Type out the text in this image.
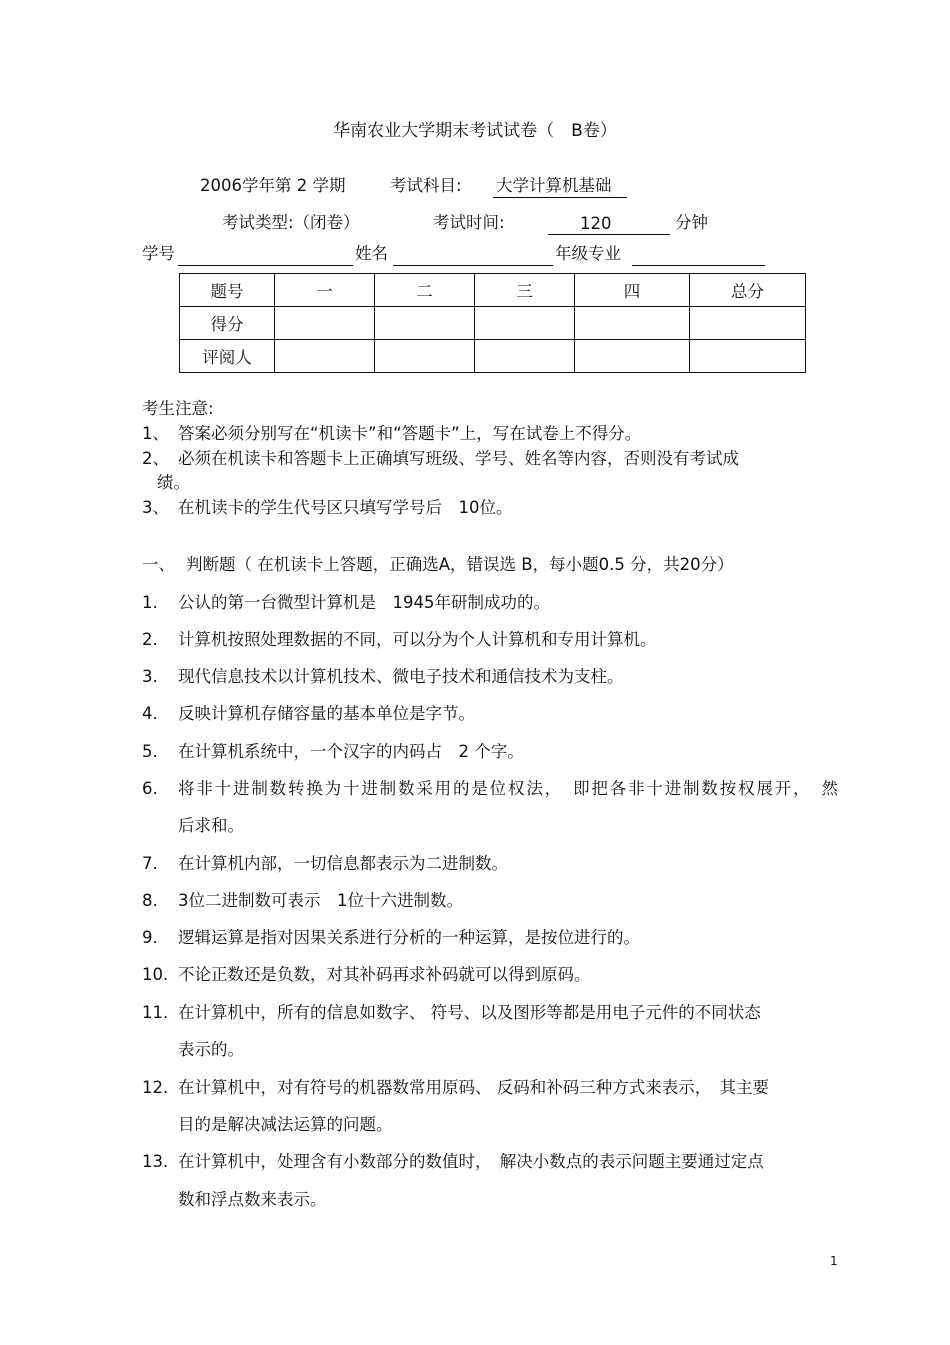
华南农业大学期末考试试卷（　B卷）
2006学年第 2 学期	考试科目: 大学计算机基础
考试类型:（闭卷）	考试时间:	120	分钟
学号	姓名	年级专业
题号	一	二	三	四	总分
得分					
评阅人					
考生注意:
1、 答案必须分别写在“机读卡”和“答题卡”上，写在试卷上不得分。
2、 必须在机读卡和答题卡上正确填写班级、学号、姓名等内容，否则没有考试成
绩。
3、 在机读卡的学生代号区只填写学号后　10位。
一、 判断题（ 在机读卡上答题，正确选A，错误选 B，每小题0.5 分，共20分）
1. 公认的第一台微型计算机是　1945年研制成功的。
2. 计算机按照处理数据的不同，可以分为个人计算机和专用计算机。
3. 现代信息技术以计算机技术、微电子技术和通信技术为支柱。
4. 反映计算机存储容量的基本单位是字节。
5. 在计算机系统中，一个汉字的内码占　2 个字。
6. 将非十进制数转换为十进制数采用的是位权法，　即把各非十进制数按权展开，　然
后求和。
7. 在计算机内部，一切信息都表示为二进制数。
8. 3位二进制数可表示　1位十六进制数。
9. 逻辑运算是指对因果关系进行分析的一种运算，是按位进行的。
10. 不论正数还是负数，对其补码再求补码就可以得到原码。
11. 在计算机中，所有的信息如数字、 符号、以及图形等都是用电子元件的不同状态
表示的。
12. 在计算机中，对有符号的机器数常用原码、 反码和补码三种方式来表示，　其主要
目的是解决减法运算的问题。
13. 在计算机中，处理含有小数部分的数值时，　解决小数点的表示问题主要通过定点
数和浮点数来表示。
1
